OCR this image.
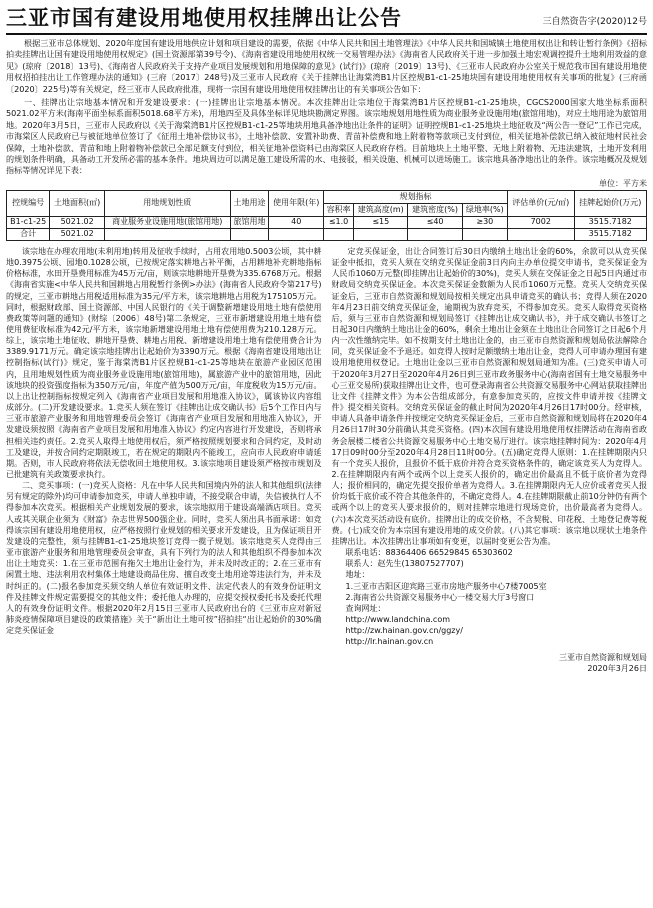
三亚市国有建设用地使用权挂牌出让公告	三自然资告字(2020)12号

根据三亚市总体规划、2020年度国有建设用地供应计划和项目建设的需要，依据《中华人民共和国土地管理法》《中华人民共和国城镇土地使用权出让和转让暂行条例》《招标拍卖挂牌出让国有建设用地使用权规定》(国土资源部第39号令)、《海南省建设用地使用权统一交易管理办法》《海南省人民政府关于进一步加强土地宏观调控提升土地利用效益的意见》(琼府〔2018〕13号)、《海南省人民政府关于支持产业项目发展规划和用地保障的意见》(试行)》(琼府〔2019〕13号)、《三亚市人民政府办公室关于规范我市国有建设用地使用权招拍挂出让工作管理办法的通知》(三府〔2017〕248号)及三亚市人民政府《关于挂牌出让海棠湾B1片区控规B1-c1-25地块国有建设用地使用权有关事项的批复》(三府函〔2020〕225号)等有关规定，经三亚市人民政府批准，现将一宗国有建设用地使用权挂牌出让的有关事项公告如下：

一、挂牌出让宗地基本情况和开发建设要求：(一)挂牌出让宗地基本情况。本次挂牌出让宗地位于海棠湾B1片区控规B1-c1-25地块，CGCS2000国家大地坐标系面积5021.02平方米(海南平面坐标系面积5018.68平方米)，用地四至及具体坐标详见地块勘测定界图。该宗地规划用地性质为商业服务业设施用地(旅馆用地)，对应土地用途为旅馆用地。2020年3月5日，三亚市人民政府以《关于海棠湾B1片区控规B1-c1-25等地块用地具备净地出让条件的证明》证明控规B1-c1-25地块土地征收及“两公告一登记”工作已完成，市海棠区人民政府已与被征地单位签订了《征用土地补偿协议书》，土地补偿款、安置补助费、青苗补偿费和地上附着物等款项已支付到位，相关征地补偿款已纳入被征地村民社会保障，土地补偿款、青苗和地上附着物补偿款已全部足额支付到位，相关征地补偿资料已由海棠区人民政府存档。目前地块上土地平整、无地上附着物、无违法建筑，土地开发利用的规划条件明确，具备动工开发所必需的基本条件。地块周边可以满足施工建设所需的水、电接驳，相关设施、机械可以进场施工。该宗地具备净地出让的条件。该宗地概况及规划指标等情况详见下表：

单位：平方米
控规编号	土地面积(㎡)	用地规划性质	土地用途	使用年限(年)	规划指标				评估单价(元/㎡)	挂牌起始价(万元)
					容积率	建筑高度(m)	建筑密度(%)	绿地率(%)		
B1-c1-25	5021.02	商业服务业设施用地(旅馆用地)	旅馆用地	40	≤1.0	≤15	≤40	≥30	7002	3515.7182
合计	5021.02									3515.7182

该宗地在办理农用地(未利用地)转用及征收手续时，占用农用地0.5003公顷，其中耕地0.3975公顷、园地0.1028公顷，已按规定落实耕地占补平衡，占用耕地补充耕地指标价格标准，水田开垦费用标准为45万元/亩，则该宗地耕地开垦费为335.6768万元。根据《海南省实施<中华人民共和国耕地占用税暂行条例>办法》(海南省人民政府令第217号)的规定，三亚市耕地占用税适用标准为35元/平方米，该宗地耕地占用税为175105万元。同时，根据财政部、国土资源部、中国人民银行的《关于调整新增建设用地土地有偿使用费政策等问题的通知》(财综〔2006〕48号)第二条规定，三亚市新增建设用地土地有偿使用费征收标准为42元/平方米，该宗地新增建设用地土地有偿使用费为210.128万元。综上，该宗地土地征收、耕地开垦费、耕地占用税、新增建设用地土地有偿使用费合计为3389.9171万元。确定该宗地挂牌出让起始价为3390万元。根据《海南省建设用地出让控制指标(试行)》规定，鉴于海棠湾B1片区控规B1-c1-25等地块在旅游产业园区范围内，且用地规划性质为商业服务业设施用地(旅馆用地)，属旅游产业中的旅馆用地，因此该地块的投资强度指标为350万元/亩，年度产值为500万元/亩，年度税收为15万元/亩。以上出让控制指标按规定列入《海南省产业项目发展和用地准入协议》，属该协议内容组成部分。(二)开发建设要求。1.竞买人须在签订《挂牌出让成交确认书》后5个工作日内与三亚市旅游产业服务和用地管理委员会签订《海南省产业项目发展和用地准入协议》，开发建设须按照《海南省产业项目发展和用地准入协议》约定内容进行开发建设，否则将承担相关违约责任。2.竞买人取得土地使用权后，须严格按照规划要求和合同约定，及时动工及建设，并按合同约定期限竣工，若在规定的期限内不能竣工，应向市人民政府申请延期。否则，市人民政府将依法无偿收回土地使用权。3.该宗地项目建设须严格按市规划及已批建筑有关政策要求执行。

二、竞买事项：(一)竞买人资格：凡在中华人民共和国境内外的法人和其他组织(法律另有规定的除外)均可申请参加竞买，申请人单独申请，不接受联合申请，失信被执行人不得参加本次竞买。根据相关产业规划发展的要求，该宗地拟用于建设高端酒店项目。竞买人或其关联企业须为《财富》杂志世界500强企业。同时，竞买人须出具书面承诺：如竞得该宗国有建设用地使用权，应严格按照行业规划的相关要求开发建设，且为保证项目开发建设的完整性，须与挂牌B1-c1-25地块签订竞得一揽子规划。该宗地竞买人竞得由三亚市旅游产业服务和用地管理委员会审查，具有下列行为的法人和其他组织不得参加本次出让土地竞买：1.在三亚市范围有拖欠土地出让金行为，并未及时改正的；2.在三亚市有闲置土地、违法利用农村集体土地建设商品住房、擅自改变土地用途等违法行为，并未及时纠正的。(二)报名参加竞买须交纳人单位有效证明文件、法定代表人的有效身份证明文件及挂牌文件规定需要提交的其他文件；委托他人办理的，应提交授权委托书及委托代理人的有效身份证明文件。根据2020年2月15日三亚市人民政府出台的《三亚市应对新冠肺炎疫情保障项目建设的政策措施》关于“新出让土地可按”招拍挂“出让起始价的30%确定竞买保证金

定竞买保证金，出让合同签订后30日内缴纳土地出让金的60%，余款可以从竞买保证金中抵扣，竞买人须在交纳竞买保证金前3日内向主办单位提交申请书，竞买保证金为人民币1060万元整(即挂牌出让起始价的30%)，竞买人须在交保证金之日起5日内通过市财政局交纳竞买保证金。本次竞买保证金数额为人民币1060万元整。竞买人交纳竞买保证金后，三亚市自然资源和规划局按相关规定出具申请竞买的确认书；竞得人须在2020年4月23日前交纳竞买保证金，逾期视为放弃竞买，不得参加竞买。竞买人取得竞买资格后，须与三亚市自然资源和规划局签订《挂牌出让成交确认书》，并于成交确认书签订之日起30日内缴纳土地出让金的60%，剩余土地出让金须在土地出让合同签订之日起6个月内一次性缴纳完毕。如不按期支付土地出让金的，由三亚市自然资源和规划局依法解除合同，竞买保证金不予退还。如竞得人按时足额缴纳土地出让金，竞得人可申请办理国有建设用地使用权登记。土地出让金以三亚市自然资源和规划局通知为准。(三)竞买申请人可于2020年3月27日至2020年4月26日到三亚市政务服务中心(海南省国有土地交易服务中心三亚交易所)获取挂牌出让文件，也可登录海南省公共资源交易服务中心网站获取挂牌出让文件《挂牌文件》为本公告组成部分，有意参加竞买的，应按文件申请并按《挂牌文件》提交相关资料。交纳竞买保证金的截止时间为2020年4月26日17时00分。经审核，申请人具备申请条件并按规定交纳竞买保证金后，三亚市自然资源和规划局将在2020年4月26日17时30分前确认其竞买资格。(四)本次国有建设用地使用权挂牌活动在海南省政务会展楼二楼省公共资源交易服务中心土地交易厅进行。该宗地挂牌时间为：2020年4月17日09时00分至2020年4月28日11时00分。(五)确定竞得人原则：1.在挂牌期限内只有一个竞买人报价，且报价不低于底价并符合竞买资格条件的，确定该竞买人为竞得人。2.在挂牌期限内有两个或两个以上竞买人报价的，确定出价最高且不低于底价者为竞得人；报价相同的，确定先提交报价单者为竞得人。3.在挂牌期限内无人应价或者竞买人报价均低于底价或不符合其他条件的，不确定竞得人。4.在挂牌期限截止前10分钟仍有两个或两个以上的竞买人要求报价的，则对挂牌宗地进行现场竞价，出价最高者为竞得人。(六)本次竞买活动设有底价。挂牌出让的成交价格，不含契税、印花税、土地登记费等税费。(七)成交价为本宗国有建设用地的成交价款。(八)其它事项：该宗地以现状土地条件挂牌出让。本次挂牌出让事项如有变更，以届时变更公告为准。

联系电话：88364406 66529845 65303602

联系人：赵先生(13807527707)

地址：

1.三亚市吉阳区迎宾路三亚市房地产服务中心7楼7005室

2.海南省公共资源交易服务中心一楼交易大厅3号窗口

查询网址：

http://www.landchina.com

http://zw.hainan.gov.cn/ggzy/

http://lr.hainan.gov.cn

三亚市自然资源和规划局
2020年3月26日
